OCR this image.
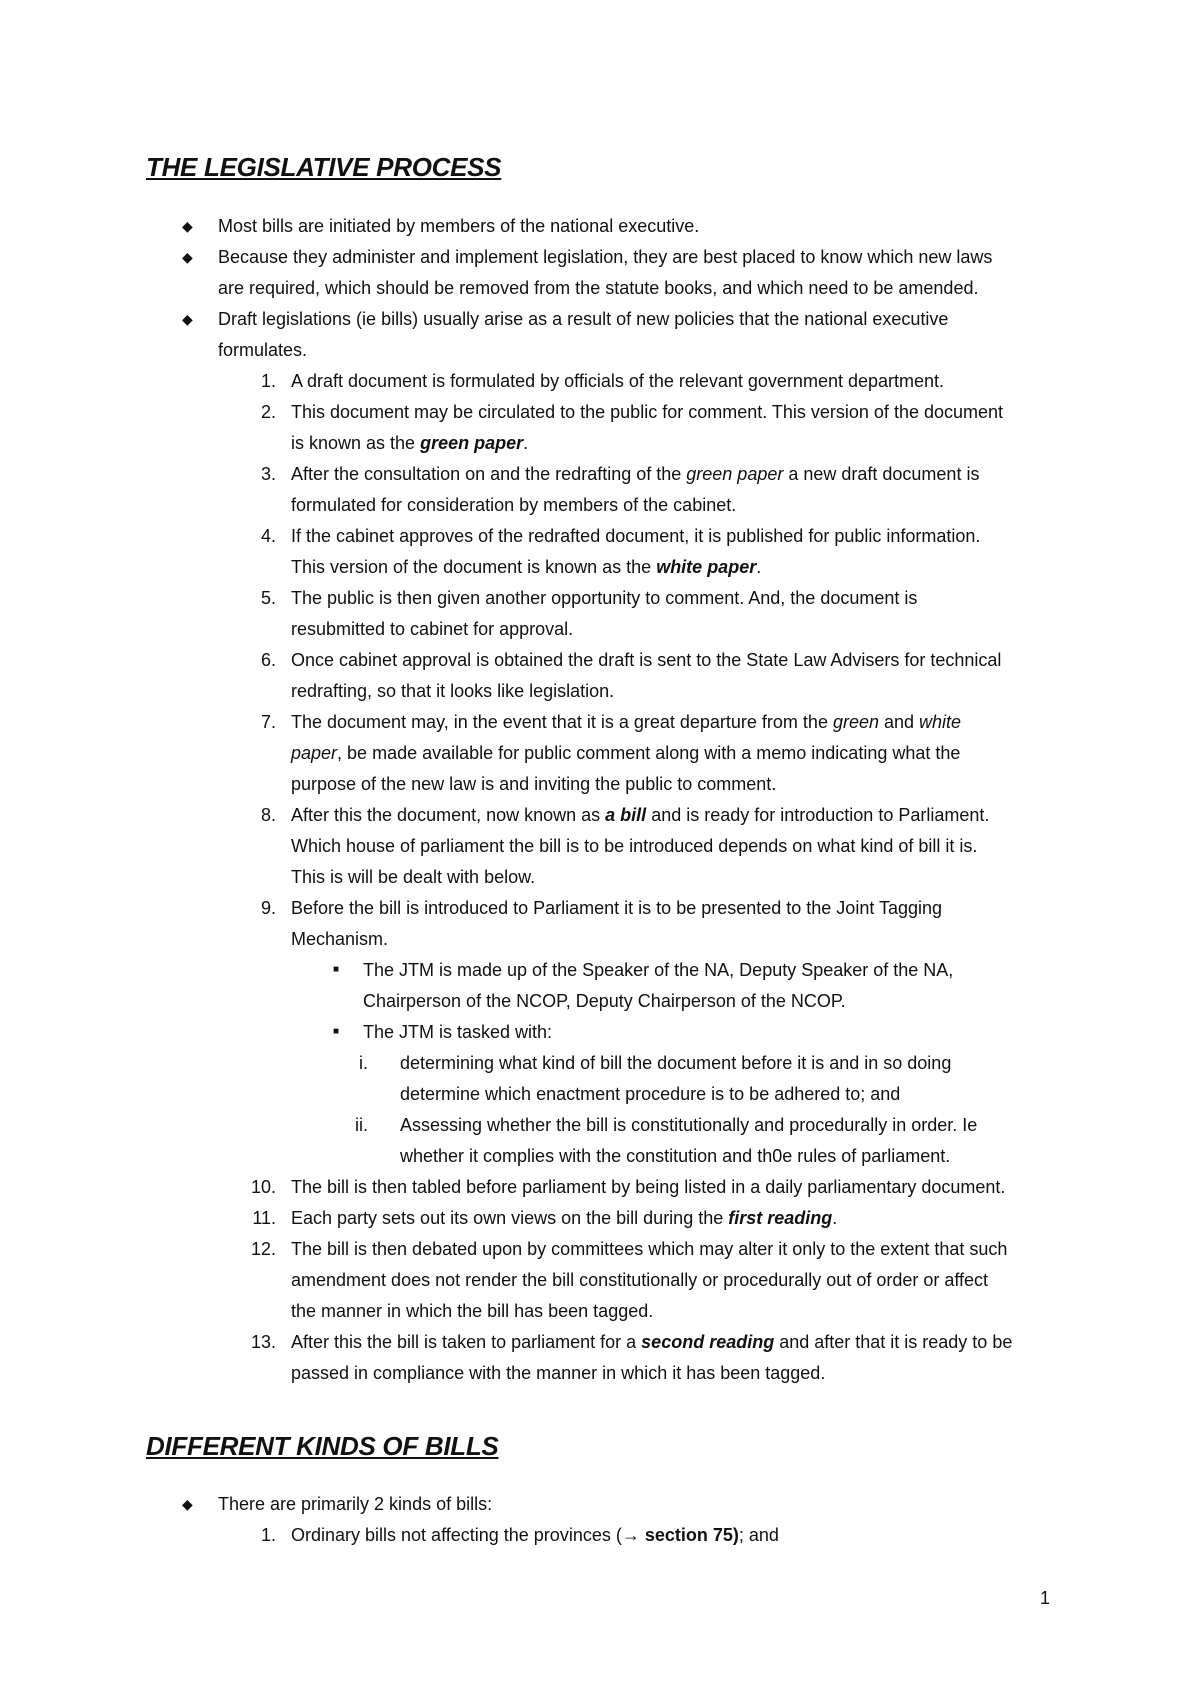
THE LEGISLATIVE PROCESS
◆ Most bills are initiated by members of the national executive.
◆ Because they administer and implement legislation, they are best placed to know which new laws
are required, which should be removed from the statute books, and which need to be amended.
◆ Draft legislations (ie bills) usually arise as a result of new policies that the national executive
formulates.
1. A draft document is formulated by officials of the relevant government department.
2. This document may be circulated to the public for comment. This version of the document
is known as the green paper.
3. After the consultation on and the redrafting of the green paper a new draft document is
formulated for consideration by members of the cabinet.
4. If the cabinet approves of the redrafted document, it is published for public information.
This version of the document is known as the white paper.
5. The public is then given another opportunity to comment. And, the document is
resubmitted to cabinet for approval.
6. Once cabinet approval is obtained the draft is sent to the State Law Advisers for technical
redrafting, so that it looks like legislation.
7. The document may, in the event that it is a great departure from the green and white
paper, be made available for public comment along with a memo indicating what the
purpose of the new law is and inviting the public to comment.
8. After this the document, now known as a bill and is ready for introduction to Parliament.
Which house of parliament the bill is to be introduced depends on what kind of bill it is.
This is will be dealt with below.
9. Before the bill is introduced to Parliament it is to be presented to the Joint Tagging
Mechanism.
■ The JTM is made up of the Speaker of the NA, Deputy Speaker of the NA,
Chairperson of the NCOP, Deputy Chairperson of the NCOP.
■ The JTM is tasked with:
i. determining what kind of bill the document before it is and in so doing
determine which enactment procedure is to be adhered to; and
ii. Assessing whether the bill is constitutionally and procedurally in order. Ie
whether it complies with the constitution and th0e rules of parliament.
10. The bill is then tabled before parliament by being listed in a daily parliamentary document.
11. Each party sets out its own views on the bill during the first reading.
12. The bill is then debated upon by committees which may alter it only to the extent that such
amendment does not render the bill constitutionally or procedurally out of order or affect
the manner in which the bill has been tagged.
13. After this the bill is taken to parliament for a second reading and after that it is ready to be
passed in compliance with the manner in which it has been tagged.
DIFFERENT KINDS OF BILLS
◆ There are primarily 2 kinds of bills:
1. Ordinary bills not affecting the provinces (→ section 75); and
1
